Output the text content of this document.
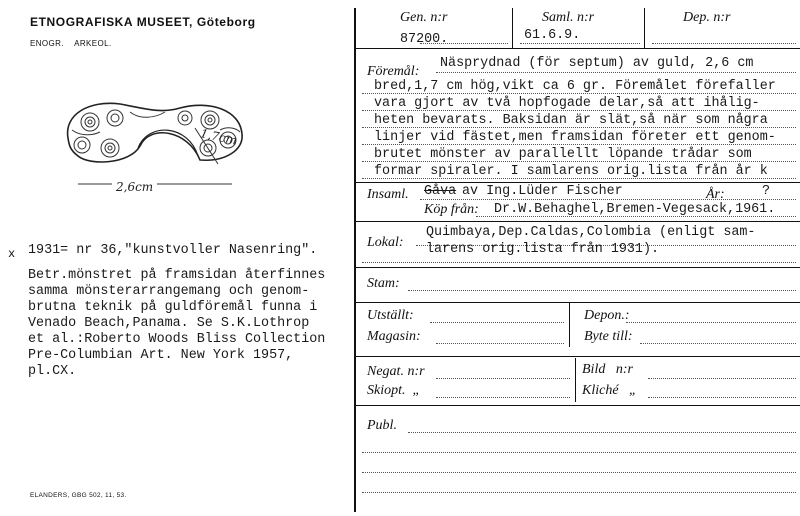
ETNOGRAFISKA MUSEET, Göteborg
ENOGR. ARKEOL.
1,7cm
2,6cm
x 1931= nr 36,"kunstvoller Nasenring".
Betr.mönstret på framsidan återfinnes
samma mönsterarrangemang och genom-
brutna teknik på guldföremål funna i
Venado Beach,Panama. Se S.K.Lothrop
et al.:Roberto Woods Bliss Collection
Pre-Columbian Art. New York 1957,
pl.CX.
ELANDERS, GBG 502, 11, 53.
Gen. n:r	Saml. n:r	Dep. n:r
87200.	61.6.9.
Föremål:
Näsprydnad (för septum) av guld, 2,6 cm
bred,1,7 cm hög,vikt ca 6 gr. Föremålet förefaller
vara gjort av två hopfogade delar,så att ihålig-
heten bevarats. Baksidan är slät,så när som några
linjer vid fästet,men framsidan företer ett genom-
brutet mönster av parallellt löpande trådar som
formar spiraler. I samlarens orig.lista från år k
Insaml. Gåva av Ing.Lüder Fischer	År:	?
Köp från: Dr.W.Behaghel,Bremen-Vegesack,1961.
Lokal:
Quimbaya,Dep.Caldas,Colombia (enligt sam-
larens orig.lista från 1931).
Stam:
Utställt:
Magasin:
Depon.:
Byte till:
Negat. n:r
Skiopt.  „
Bild   n:r
Kliché   „
Publ.
